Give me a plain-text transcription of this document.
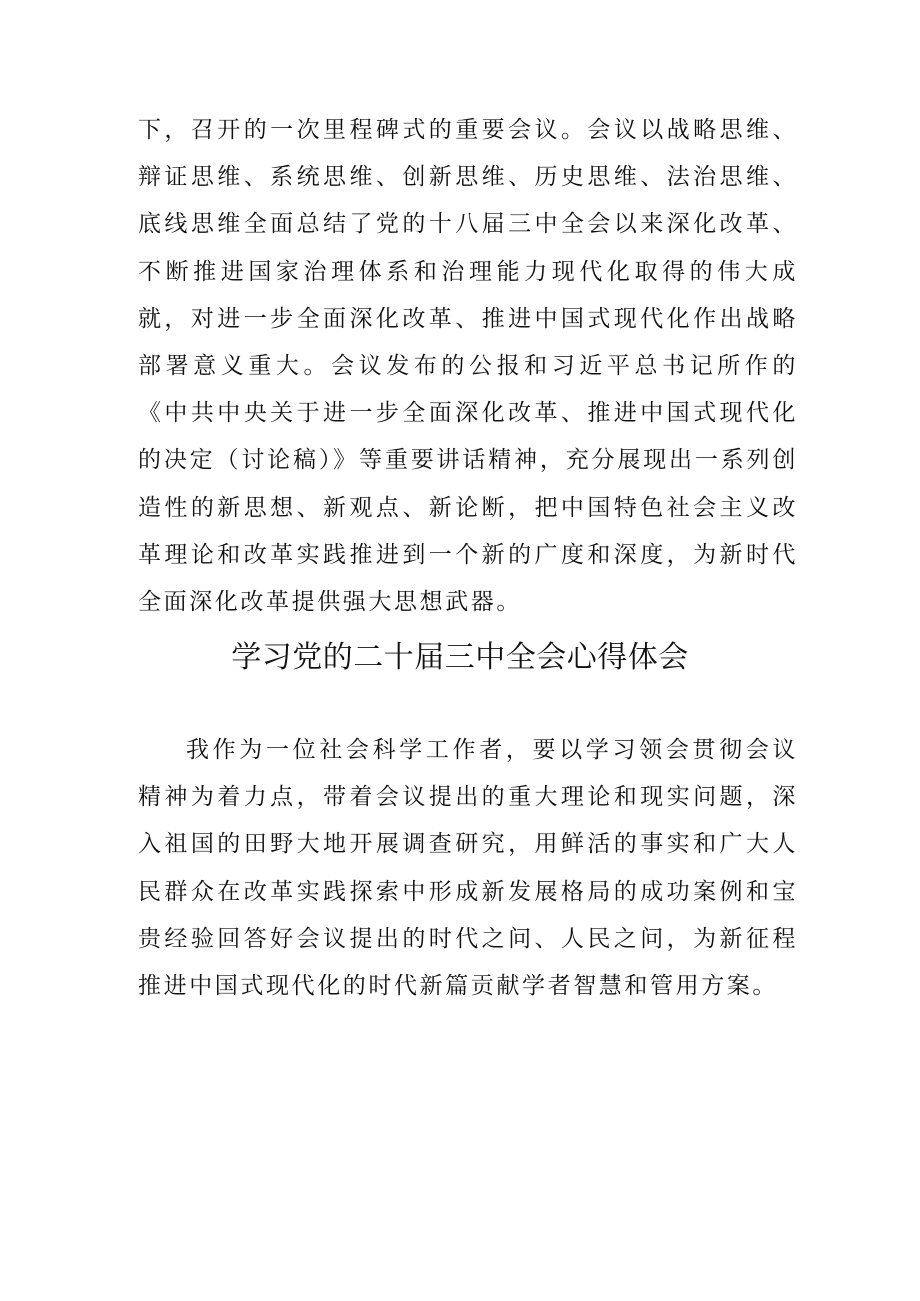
下，召开的一次里程碑式的重要会议。会议以战略思维、辩证思维、系统思维、创新思维、历史思维、法治思维、底线思维全面总结了党的十八届三中全会以来深化改革、不断推进国家治理体系和治理能力现代化取得的伟大成就，对进一步全面深化改革、推进中国式现代化作出战略部署意义重大。会议发布的公报和习近平总书记所作的《中共中央关于进一步全面深化改革、推进中国式现代化的决定（讨论稿）》等重要讲话精神，充分展现出一系列创造性的新思想、新观点、新论断，把中国特色社会主义改革理论和改革实践推进到一个新的广度和深度，为新时代全面深化改革提供强大思想武器。

学习党的二十届三中全会心得体会

我作为一位社会科学工作者，要以学习领会贯彻会议精神为着力点，带着会议提出的重大理论和现实问题，深入祖国的田野大地开展调查研究，用鲜活的事实和广大人民群众在改革实践探索中形成新发展格局的成功案例和宝贵经验回答好会议提出的时代之问、人民之问，为新征程推进中国式现代化的时代新篇贡献学者智慧和管用方案。
